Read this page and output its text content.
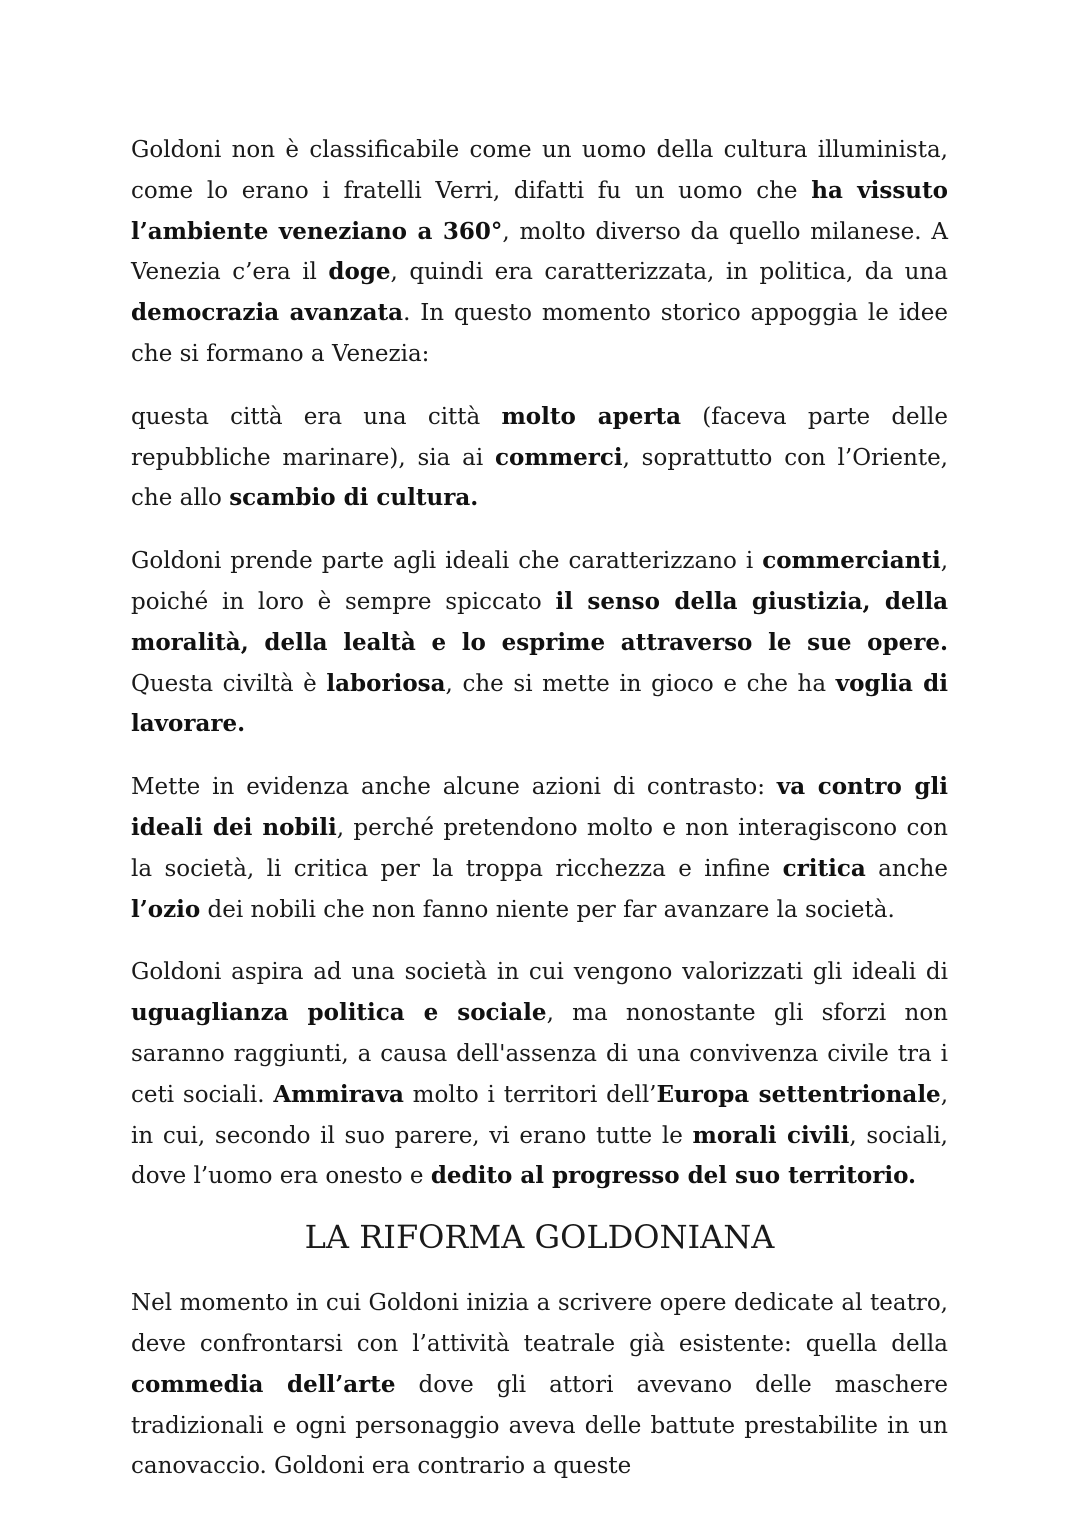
Goldoni non è classificabile come un uomo della cultura illuminista, come lo erano i fratelli Verri, difatti fu un uomo che ha vissuto l’ambiente veneziano a 360°, molto diverso da quello milanese. A Venezia c’era il doge, quindi era caratterizzata, in politica, da una democrazia avanzata. In questo momento storico appoggia le idee che si formano a Venezia:

questa città era una città molto aperta (faceva parte delle repubbliche marinare), sia ai commerci, soprattutto con l’Oriente, che allo scambio di cultura.

Goldoni prende parte agli ideali che caratterizzano i commercianti, poiché in loro è sempre spiccato il senso della giustizia, della moralità, della lealtà e lo esprime attraverso le sue opere. Questa civiltà è laboriosa, che si mette in gioco e che ha voglia di lavorare.

Mette in evidenza anche alcune azioni di contrasto: va contro gli ideali dei nobili, perché pretendono molto e non interagiscono con la società, li critica per la troppa ricchezza e infine critica anche l’ozio dei nobili che non fanno niente per far avanzare la società.

Goldoni aspira ad una società in cui vengono valorizzati gli ideali di uguaglianza politica e sociale, ma nonostante gli sforzi non saranno raggiunti, a causa dell'assenza di una convivenza civile tra i ceti sociali. Ammirava molto i territori dell’Europa settentrionale, in cui, secondo il suo parere, vi erano tutte le morali civili, sociali, dove l’uomo era onesto e dedito al progresso del suo territorio.

LA RIFORMA GOLDONIANA

Nel momento in cui Goldoni inizia a scrivere opere dedicate al teatro, deve confrontarsi con l’attività teatrale già esistente: quella della commedia dell’arte dove gli attori avevano delle maschere tradizionali e ogni personaggio aveva delle battute prestabilite in un canovaccio. Goldoni era contrario a queste
